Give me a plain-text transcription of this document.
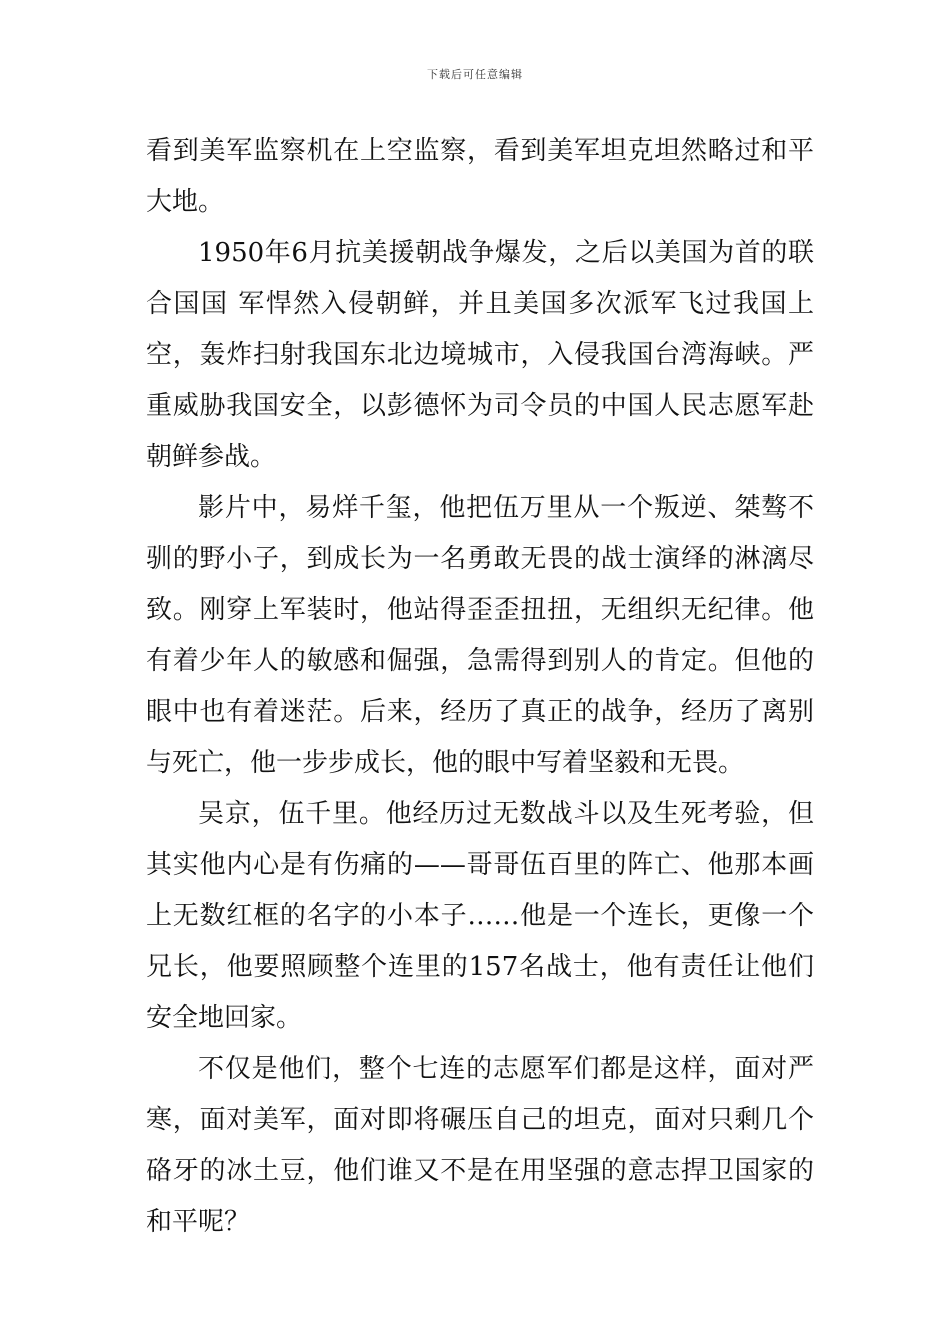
下载后可任意编辑

看到美军监察机在上空监察，看到美军坦克坦然略过和平大地。

1950年6月抗美援朝战争爆发，之后以美国为首的联合国国 军悍然入侵朝鲜，并且美国多次派军飞过我国上空，轰炸扫射我国东北边境城市，入侵我国台湾海峡。严重威胁我国安全，以彭德怀为司令员的中国人民志愿军赴朝鲜参战。

影片中，易烊千玺，他把伍万里从一个叛逆、桀骜不驯的野小子，到成长为一名勇敢无畏的战士演绎的淋漓尽致。刚穿上军装时，他站得歪歪扭扭，无组织无纪律。他有着少年人的敏感和倔强，急需得到别人的肯定。但他的眼中也有着迷茫。后来，经历了真正的战争，经历了离别与死亡，他一步步成长，他的眼中写着坚毅和无畏。

吴京，伍千里。他经历过无数战斗以及生死考验，但其实他内心是有伤痛的——哥哥伍百里的阵亡、他那本画上无数红框的名字的小本子……他是一个连长，更像一个兄长，他要照顾整个连里的157名战士，他有责任让他们安全地回家。

不仅是他们，整个七连的志愿军们都是这样，面对严寒，面对美军，面对即将碾压自己的坦克，面对只剩几个硌牙的冰土豆，他们谁又不是在用坚强的意志捍卫国家的和平呢？
